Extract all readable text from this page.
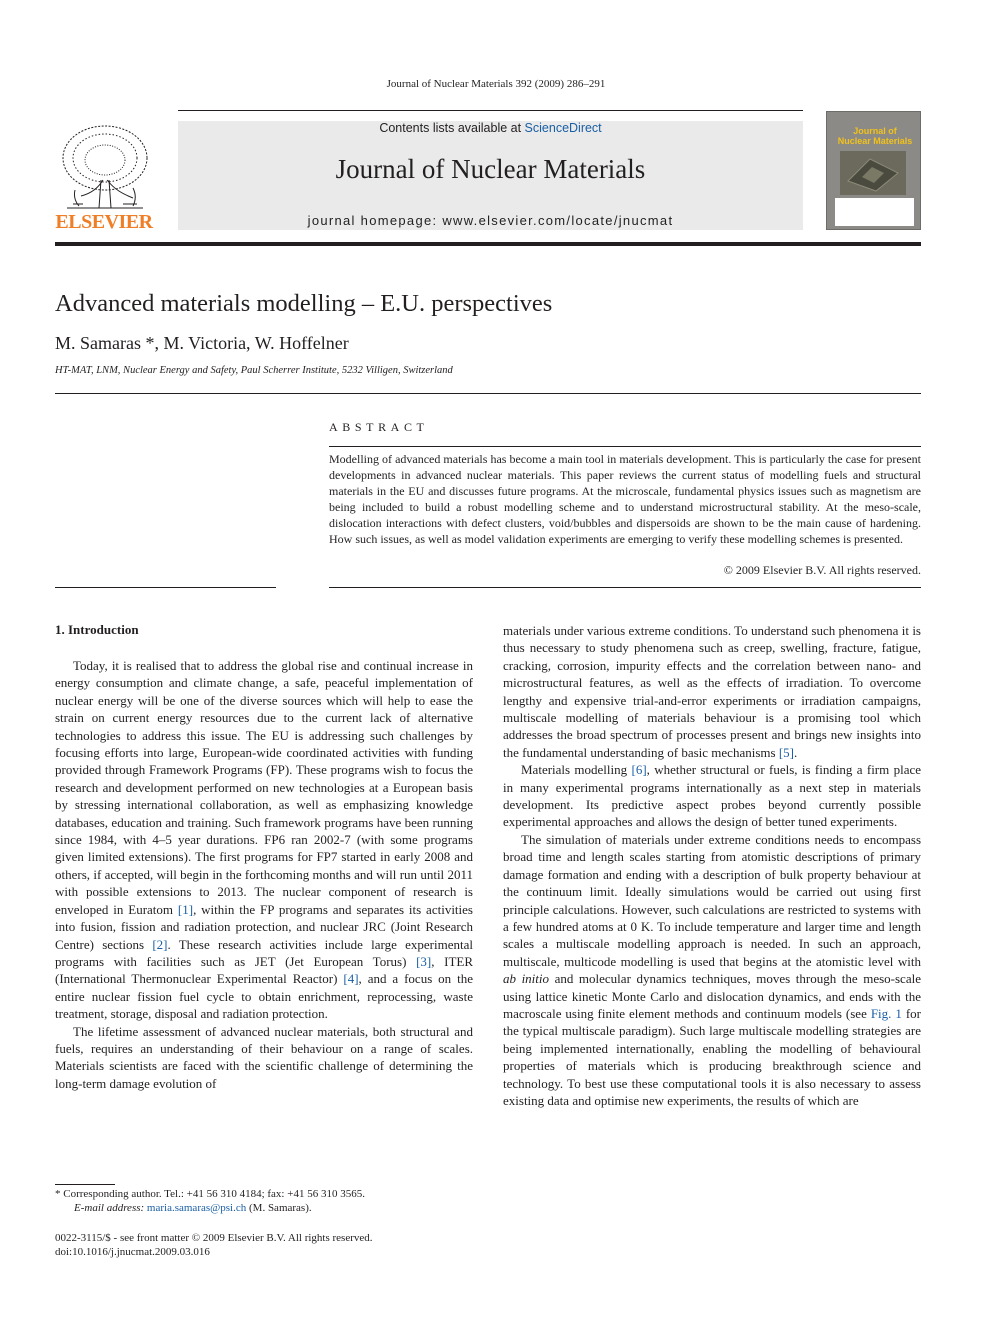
Journal of Nuclear Materials 392 (2009) 286–291
ELSEVIER
Contents lists available at ScienceDirect
Journal of Nuclear Materials
journal homepage: www.elsevier.com/locate/jnucmat
Journal of
Nuclear Materials
Advanced materials modelling – E.U. perspectives
M. Samaras *, M. Victoria, W. Hoffelner
HT-MAT, LNM, Nuclear Energy and Safety, Paul Scherrer Institute, 5232 Villigen, Switzerland
ABSTRACT
Modelling of advanced materials has become a main tool in materials development. This is particularly the case for present developments in advanced nuclear materials. This paper reviews the current status of modelling fuels and structural materials in the EU and discusses future programs. At the microscale, fundamental physics issues such as magnetism are being included to build a robust modelling scheme and to understand microstructural stability. At the meso-scale, dislocation interactions with defect clusters, void/bubbles and dispersoids are shown to be the main cause of hardening. How such issues, as well as model validation experiments are emerging to verify these modelling schemes is presented.
© 2009 Elsevier B.V. All rights reserved.
1. Introduction

Today, it is realised that to address the global rise and continual increase in energy consumption and climate change, a safe, peaceful implementation of nuclear energy will be one of the diverse sources which will help to ease the strain on current energy resources due to the current lack of alternative technologies to address this issue. The EU is addressing such challenges by focusing efforts into large, European-wide coordinated activities with funding provided through Framework Programs (FP). These programs wish to focus the research and development performed on new technologies at a European basis by stressing international collaboration, as well as emphasizing knowledge databases, education and training. Such framework programs have been running since 1984, with 4–5 year durations. FP6 ran 2002-7 (with some programs given limited extensions). The first programs for FP7 started in early 2008 and others, if accepted, will begin in the forthcoming months and will run until 2011 with possible extensions to 2013. The nuclear component of research is enveloped in Euratom [1], within the FP programs and separates its activities into fusion, fission and radiation protection, and nuclear JRC (Joint Research Centre) sections [2]. These research activities include large experimental programs with facilities such as JET (Jet European Torus) [3], ITER (International Thermonuclear Experimental Reactor) [4], and a focus on the entire nuclear fission fuel cycle to obtain enrichment, reprocessing, waste treatment, storage, disposal and radiation protection.

The lifetime assessment of advanced nuclear materials, both structural and fuels, requires an understanding of their behaviour on a range of scales. Materials scientists are faced with the scientific challenge of determining the long-term damage evolution of

materials under various extreme conditions. To understand such phenomena it is thus necessary to study phenomena such as creep, swelling, fracture, fatigue, cracking, corrosion, impurity effects and the correlation between nano- and microstructural features, as well as the effects of irradiation. To overcome lengthy and expensive trial-and-error experiments or irradiation campaigns, multiscale modelling of materials behaviour is a promising tool which addresses the broad spectrum of processes present and brings new insights into the fundamental understanding of basic mechanisms [5].

Materials modelling [6], whether structural or fuels, is finding a firm place in many experimental programs internationally as a next step in materials development. Its predictive aspect probes beyond currently possible experimental approaches and allows the design of better tuned experiments.

The simulation of materials under extreme conditions needs to encompass broad time and length scales starting from atomistic descriptions of primary damage formation and ending with a description of bulk property behaviour at the continuum limit. Ideally simulations would be carried out using first principle calculations. However, such calculations are restricted to systems with a few hundred atoms at 0 K. To include temperature and larger time and length scales a multiscale modelling approach is needed. In such an approach, multiscale, multicode modelling is used that begins at the atomistic level with ab initio and molecular dynamics techniques, moves through the meso-scale using lattice kinetic Monte Carlo and dislocation dynamics, and ends with the macroscale using finite element methods and continuum models (see Fig. 1 for the typical multiscale paradigm). Such large multiscale modelling strategies are being implemented internationally, enabling the modelling of behavioural properties of materials which is producing breakthrough science and technology. To best use these computational tools it is also necessary to assess existing data and optimise new experiments, the results of which are

* Corresponding author. Tel.: +41 56 310 4184; fax: +41 56 310 3565.
E-mail address: maria.samaras@psi.ch (M. Samaras).
0022-3115/$ - see front matter © 2009 Elsevier B.V. All rights reserved.
doi:10.1016/j.jnucmat.2009.03.016
